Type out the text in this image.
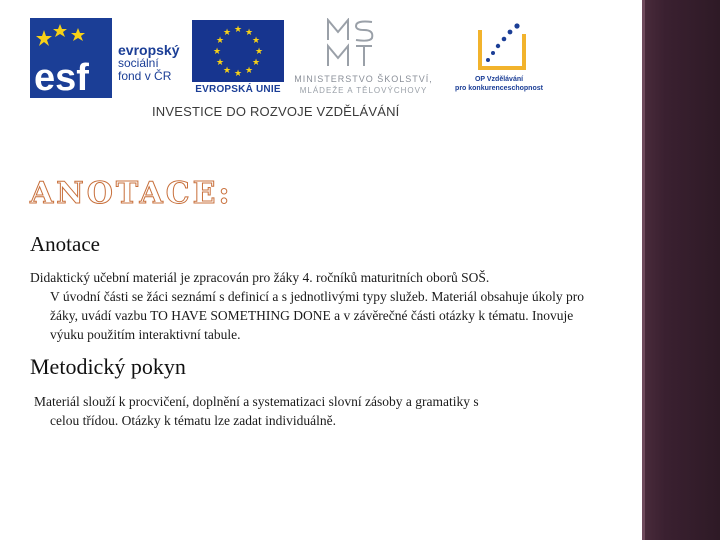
esf
evropský
sociální
fond v ČR
★ ★
★
★
★
★
★
★
★
★
★
★
EVROPSKÁ UNIE
MINISTERSTVO ŠKOLSTVÍ,
MLÁDEŽE A TĚLOVÝCHOVY
OP Vzdělávání
pro konkurenceschopnost
INVESTICE DO ROZVOJE VZDĚLÁVÁNÍ
ANOTACE:
Anotace
Didaktický učební materiál je zpracován pro žáky 4. ročníků maturitních oborů SOŠ.
V úvodní části se žáci seznámí s definicí a s jednotlivými typy služeb. Materiál obsahuje úkoly pro žáky, uvádí vazbu TO HAVE SOMETHING DONE a v závěrečné části otázky k tématu. Inovuje výuku použitím interaktivní tabule.
Metodický pokyn
Materiál slouží k procvičení, doplnění a systematizaci slovní zásoby a gramatiky s
celou třídou. Otázky k tématu lze zadat individuálně.
